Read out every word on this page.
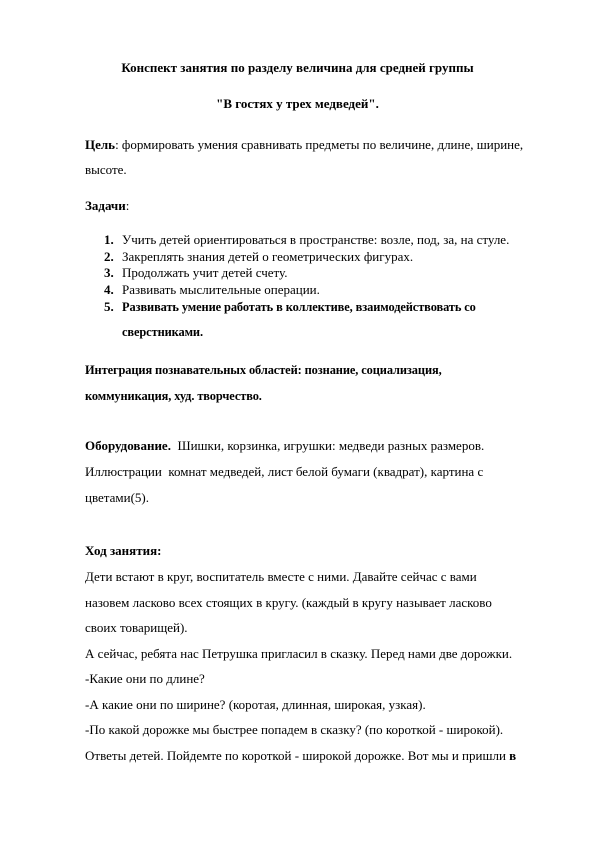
Конспект занятия по разделу величина для средней группы
"В гостях у трех медведей".
Цель: формировать умения сравнивать предметы по величине, длине, ширине,
высоте.
Задачи:
1. Учить детей ориентироваться в пространстве: возле, под, за, на стуле.
2. Закреплять знания детей о геометрических фигурах.
3. Продолжать учит детей счету.
4. Развивать мыслительные операции.
5. Развивать умение работать в коллективе, взаимодействовать со
сверстниками.
Интеграция познавательных областей: познание, социализация,
коммуникация, худ. творчество.
Оборудование.  Шишки, корзинка, игрушки: медведи разных размеров.
Иллюстрации  комнат медведей, лист белой бумаги (квадрат), картина с
цветами(5).
Ход занятия:
Дети встают в круг, воспитатель вместе с ними. Давайте сейчас с вами
назовем ласково всех стоящих в кругу. (каждый в кругу называет ласково
своих товарищей).
А сейчас, ребята нас Петрушка пригласил в сказку. Перед нами две дорожки.
-Какие они по длине?
-А какие они по ширине? (коротая, длинная, широкая, узкая).
-По какой дорожке мы быстрее попадем в сказку? (по короткой - широкой).
Ответы детей. Пойдемте по короткой - широкой дорожке. Вот мы и пришли в
